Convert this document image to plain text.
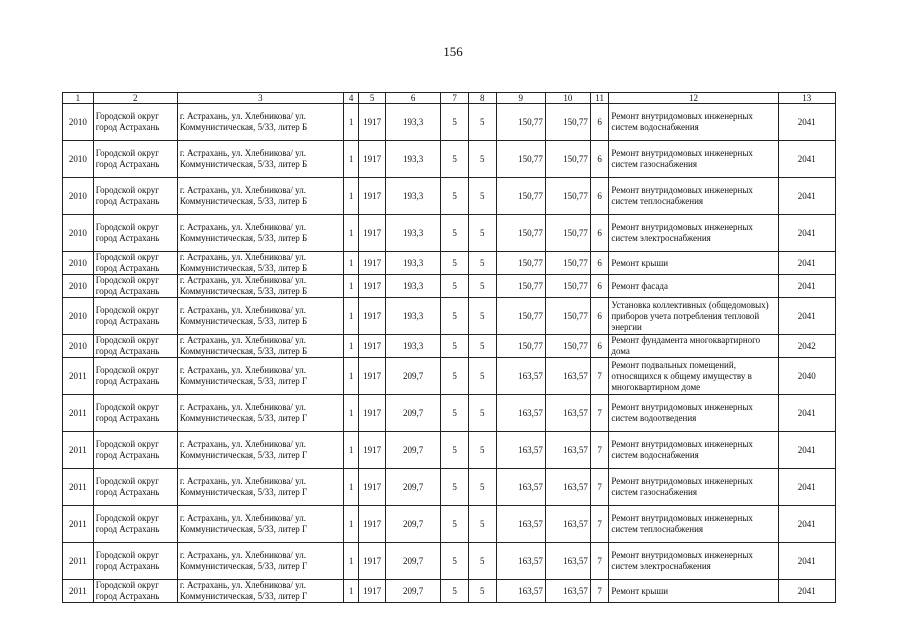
156
1	2	3	4	5	6	7	8	9	10	11	12	13
2010	Городской округ город Астрахань	г. Астрахань, ул. Хлебникова/ ул. Коммунистическая, 5/33, литер Б	1	1917	193,3	5	5	150,77	150,77	6	Ремонт внутридомовых инженерных систем водоснабжения	2041
2010	Городской округ город Астрахань	г. Астрахань, ул. Хлебникова/ ул. Коммунистическая, 5/33, литер Б	1	1917	193,3	5	5	150,77	150,77	6	Ремонт внутридомовых инженерных систем газоснабжения	2041
2010	Городской округ город Астрахань	г. Астрахань, ул. Хлебникова/ ул. Коммунистическая, 5/33, литер Б	1	1917	193,3	5	5	150,77	150,77	6	Ремонт внутридомовых инженерных систем теплоснабжения	2041
2010	Городской округ город Астрахань	г. Астрахань, ул. Хлебникова/ ул. Коммунистическая, 5/33, литер Б	1	1917	193,3	5	5	150,77	150,77	6	Ремонт внутридомовых инженерных систем электроснабжения	2041
2010	Городской округ город Астрахань	г. Астрахань, ул. Хлебникова/ ул. Коммунистическая, 5/33, литер Б	1	1917	193,3	5	5	150,77	150,77	6	Ремонт крыши	2041
2010	Городской округ город Астрахань	г. Астрахань, ул. Хлебникова/ ул. Коммунистическая, 5/33, литер Б	1	1917	193,3	5	5	150,77	150,77	6	Ремонт фасада	2041
2010	Городской округ город Астрахань	г. Астрахань, ул. Хлебникова/ ул. Коммунистическая, 5/33, литер Б	1	1917	193,3	5	5	150,77	150,77	6	Установка коллективных (общедомовых) приборов учета потребления тепловой энергии	2041
2010	Городской округ город Астрахань	г. Астрахань, ул. Хлебникова/ ул. Коммунистическая, 5/33, литер Б	1	1917	193,3	5	5	150,77	150,77	6	Ремонт фундамента многоквартирного дома	2042
2011	Городской округ город Астрахань	г. Астрахань, ул. Хлебникова/ ул. Коммунистическая, 5/33, литер Г	1	1917	209,7	5	5	163,57	163,57	7	Ремонт подвальных помещений, относящихся к общему имуществу в многоквартирном доме	2040
2011	Городской округ город Астрахань	г. Астрахань, ул. Хлебникова/ ул. Коммунистическая, 5/33, литер Г	1	1917	209,7	5	5	163,57	163,57	7	Ремонт внутридомовых инженерных систем водоотведения	2041
2011	Городской округ город Астрахань	г. Астрахань, ул. Хлебникова/ ул. Коммунистическая, 5/33, литер Г	1	1917	209,7	5	5	163,57	163,57	7	Ремонт внутридомовых инженерных систем водоснабжения	2041
2011	Городской округ город Астрахань	г. Астрахань, ул. Хлебникова/ ул. Коммунистическая, 5/33, литер Г	1	1917	209,7	5	5	163,57	163,57	7	Ремонт внутридомовых инженерных систем газоснабжения	2041
2011	Городской округ город Астрахань	г. Астрахань, ул. Хлебникова/ ул. Коммунистическая, 5/33, литер Г	1	1917	209,7	5	5	163,57	163,57	7	Ремонт внутридомовых инженерных систем теплоснабжения	2041
2011	Городской округ город Астрахань	г. Астрахань, ул. Хлебникова/ ул. Коммунистическая, 5/33, литер Г	1	1917	209,7	5	5	163,57	163,57	7	Ремонт внутридомовых инженерных систем электроснабжения	2041
2011	Городской округ город Астрахань	г. Астрахань, ул. Хлебникова/ ул. Коммунистическая, 5/33, литер Г	1	1917	209,7	5	5	163,57	163,57	7	Ремонт крыши	2041
